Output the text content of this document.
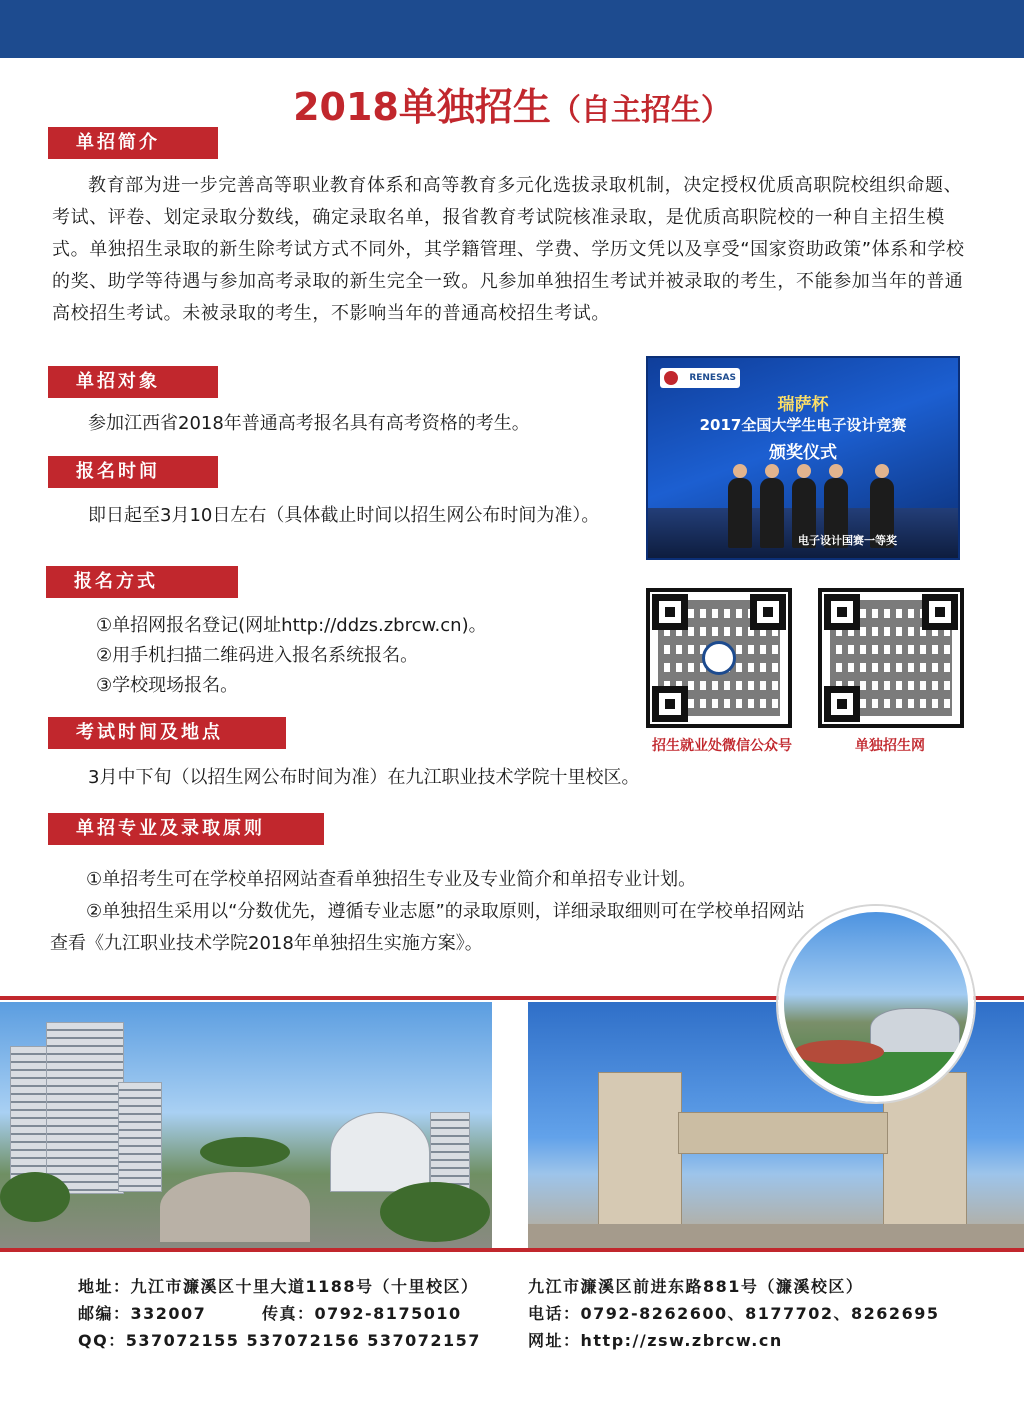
2018单独招生（自主招生）
单招简介
教育部为进一步完善高等职业教育体系和高等教育多元化选拔录取机制，决定授权优质高职院校组织命题、考试、评卷、划定录取分数线，确定录取名单，报省教育考试院核准录取，是优质高职院校的一种自主招生模式。单独招生录取的新生除考试方式不同外，其学籍管理、学费、学历文凭以及享受“国家资助政策”体系和学校的奖、助学等待遇与参加高考录取的新生完全一致。凡参加单独招生考试并被录取的考生，不能参加当年的普通高校招生考试。未被录取的考生，不影响当年的普通高校招生考试。
单招对象
参加江西省2018年普通高考报名具有高考资格的考生。
报名时间
即日起至3月10日左右（具体截止时间以招生网公布时间为准）。
报名方式
①单招网报名登记(网址http://ddzs.zbrcw.cn)。
②用手机扫描二维码进入报名系统报名。
③学校现场报名。
考试时间及地点
3月中下旬（以招生网公布时间为准）在九江职业技术学院十里校区。
单招专业及录取原则
①单招考生可在学校单招网站查看单独招生专业及专业简介和单招专业计划。
②单独招生采用以“分数优先，遵循专业志愿”的录取原则，详细录取细则可在学校单招网站查看《九江职业技术学院2018年单独招生实施方案》。
RENESAS
瑞萨杯
2017全国大学生电子设计竞赛
颁奖仪式
电子设计国赛一等奖
招生就业处微信公众号	单独招生网
地址：九江市濂溪区十里大道1188号（十里校区）	九江市濂溪区前进东路881号（濂溪校区）
邮编：332007	传真：0792-8175010	电话：0792-8262600、8177702、8262695
QQ：537072155 537072156 537072157	网址：http://zsw.zbrcw.cn
